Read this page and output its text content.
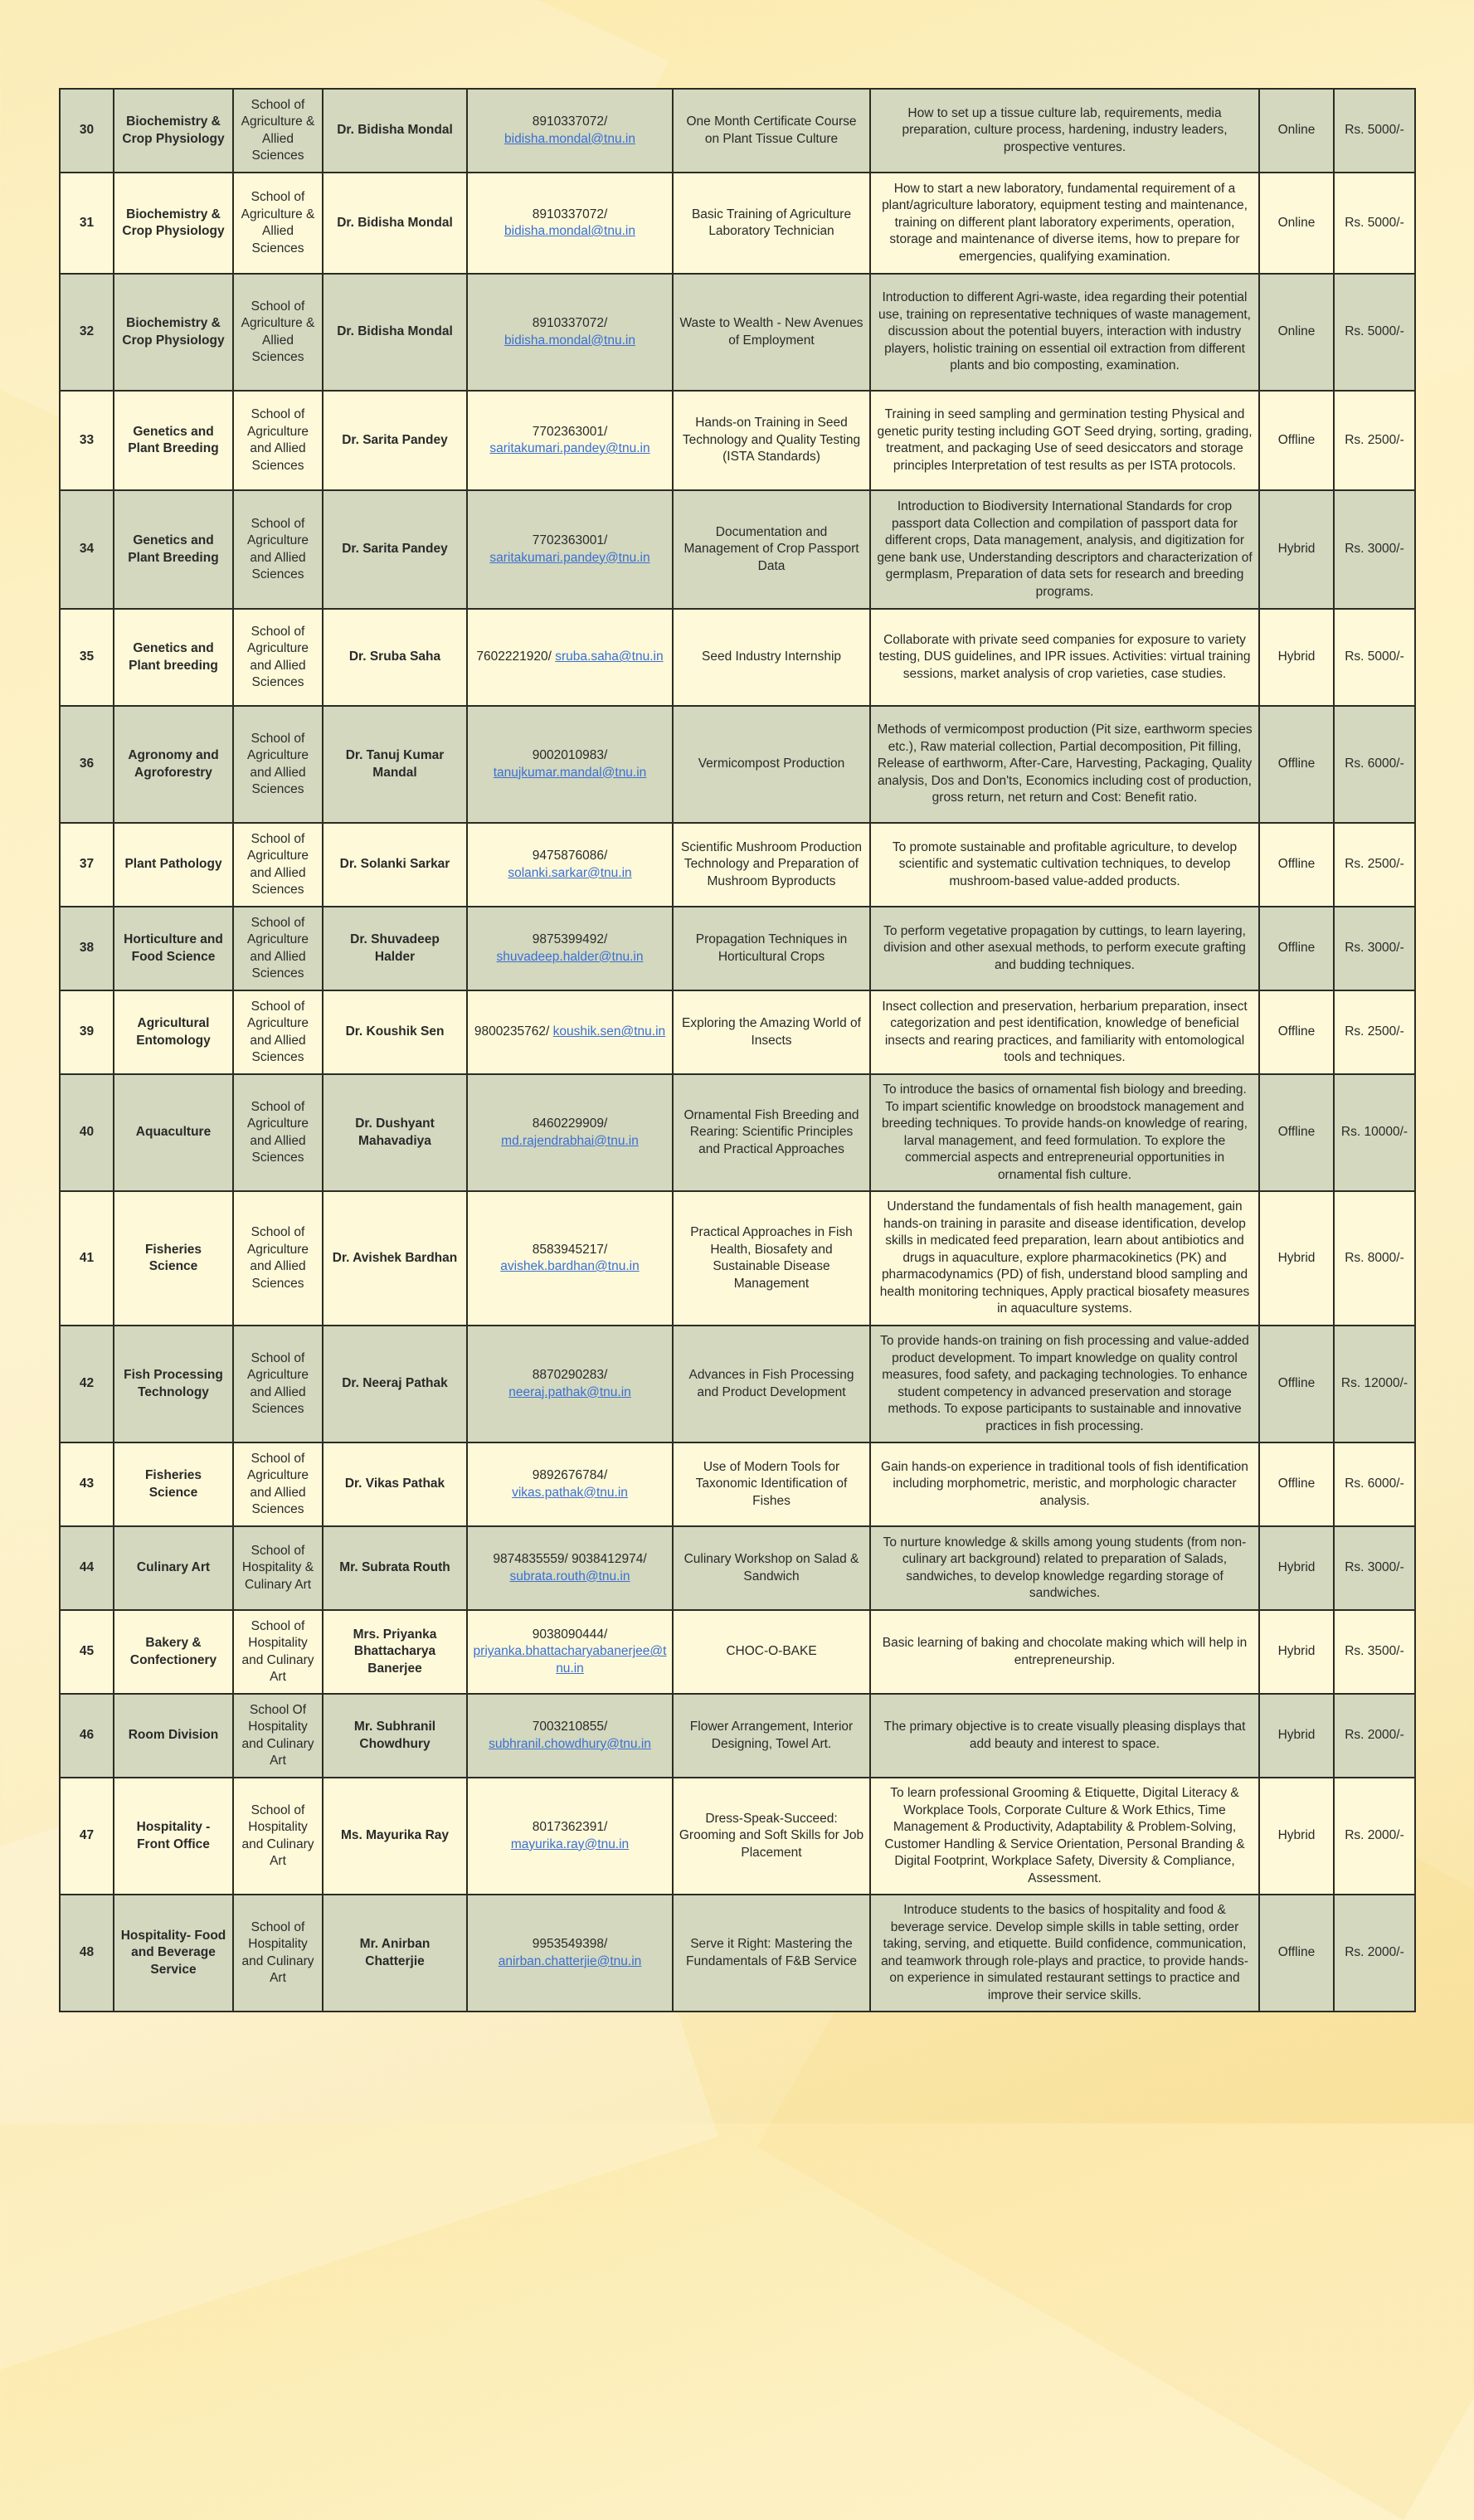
30	Biochemistry & Crop Physiology	School of Agriculture & Allied Sciences	Dr. Bidisha Mondal	8910337072/ bidisha.mondal@tnu.in	One Month Certificate Course on Plant Tissue Culture	How to set up a tissue culture lab, requirements, media preparation, culture process, hardening, industry leaders, prospective ventures.	Online	Rs. 5000/-
31	Biochemistry & Crop Physiology	School of Agriculture & Allied Sciences	Dr. Bidisha Mondal	8910337072/ bidisha.mondal@tnu.in	Basic Training of Agriculture Laboratory Technician	How to start a new laboratory, fundamental requirement of a plant/agriculture laboratory, equipment testing and maintenance, training on different plant laboratory experiments, operation, storage and maintenance of diverse items, how to prepare for emergencies, qualifying examination.	Online	Rs. 5000/-
32	Biochemistry & Crop Physiology	School of Agriculture & Allied Sciences	Dr. Bidisha Mondal	8910337072/ bidisha.mondal@tnu.in	Waste to Wealth - New Avenues of Employment	Introduction to different Agri-waste, idea regarding their potential use, training on representative techniques of waste management, discussion about the potential buyers, interaction with industry players, holistic training on essential oil extraction from different plants and bio composting, examination.	Online	Rs. 5000/-
33	Genetics and Plant Breeding	School of Agriculture and Allied Sciences	Dr. Sarita Pandey	7702363001/ saritakumari.pandey@tnu.in	Hands-on Training in Seed Technology and Quality Testing (ISTA Standards)	Training in seed sampling and germination testing Physical and genetic purity testing including GOT Seed drying, sorting, grading, treatment, and packaging Use of seed desiccators and storage principles Interpretation of test results as per ISTA protocols.	Offline	Rs. 2500/-
34	Genetics and Plant Breeding	School of Agriculture and Allied Sciences	Dr. Sarita Pandey	7702363001/ saritakumari.pandey@tnu.in	Documentation and Management of Crop Passport Data	Introduction to Biodiversity International Standards for crop passport data Collection and compilation of passport data for different crops, Data management, analysis, and digitization for gene bank use, Understanding descriptors and characterization of germplasm, Preparation of data sets for research and breeding programs.	Hybrid	Rs. 3000/-
35	Genetics and Plant breeding	School of Agriculture and Allied Sciences	Dr. Sruba Saha	7602221920/ sruba.saha@tnu.in	Seed Industry Internship	Collaborate with private seed companies for exposure to variety testing, DUS guidelines, and IPR issues. Activities: virtual training sessions, market analysis of crop varieties, case studies.	Hybrid	Rs. 5000/-
36	Agronomy and Agroforestry	School of Agriculture and Allied Sciences	Dr. Tanuj Kumar Mandal	9002010983/ tanujkumar.mandal@tnu.in	Vermicompost Production	Methods of vermicompost production (Pit size, earthworm species etc.), Raw material collection, Partial decomposition, Pit filling, Release of earthworm, After-Care, Harvesting, Packaging, Quality analysis, Dos and Don'ts, Economics including cost of production, gross return, net return and Cost: Benefit ratio.	Offline	Rs. 6000/-
37	Plant Pathology	School of Agriculture and Allied Sciences	Dr. Solanki Sarkar	9475876086/ solanki.sarkar@tnu.in	Scientific Mushroom Production Technology and Preparation of Mushroom Byproducts	To promote sustainable and profitable agriculture, to develop scientific and systematic cultivation techniques, to develop mushroom-based value-added products.	Offline	Rs. 2500/-
38	Horticulture and Food Science	School of Agriculture and Allied Sciences	Dr. Shuvadeep Halder	9875399492/ shuvadeep.halder@tnu.in	Propagation Techniques in Horticultural Crops	To perform vegetative propagation by cuttings, to learn layering, division and other asexual methods, to perform execute grafting and budding techniques.	Offline	Rs. 3000/-
39	Agricultural Entomology	School of Agriculture and Allied Sciences	Dr. Koushik Sen	9800235762/ koushik.sen@tnu.in	Exploring the Amazing World of Insects	Insect collection and preservation, herbarium preparation, insect categorization and pest identification, knowledge of beneficial insects and rearing practices, and familiarity with entomological tools and techniques.	Offline	Rs. 2500/-
40	Aquaculture	School of Agriculture and Allied Sciences	Dr. Dushyant Mahavadiya	8460229909/ md.rajendrabhai@tnu.in	Ornamental Fish Breeding and Rearing: Scientific Principles and Practical Approaches	To introduce the basics of ornamental fish biology and breeding. To impart scientific knowledge on broodstock management and breeding techniques. To provide hands-on knowledge of rearing, larval management, and feed formulation. To explore the commercial aspects and entrepreneurial opportunities in ornamental fish culture.	Offline	Rs. 10000/-
41	Fisheries Science	School of Agriculture and Allied Sciences	Dr. Avishek Bardhan	8583945217/ avishek.bardhan@tnu.in	Practical Approaches in Fish Health, Biosafety and Sustainable Disease Management	Understand the fundamentals of fish health management, gain hands-on training in parasite and disease identification, develop skills in medicated feed preparation, learn about antibiotics and drugs in aquaculture, explore pharmacokinetics (PK) and pharmacodynamics (PD) of fish, understand blood sampling and health monitoring techniques, Apply practical biosafety measures in aquaculture systems.	Hybrid	Rs. 8000/-
42	Fish Processing Technology	School of Agriculture and Allied Sciences	Dr. Neeraj Pathak	8870290283/ neeraj.pathak@tnu.in	Advances in Fish Processing and Product Development	To provide hands-on training on fish processing and value-added product development. To impart knowledge on quality control measures, food safety, and packaging technologies. To enhance student competency in advanced preservation and storage methods. To expose participants to sustainable and innovative practices in fish processing.	Offline	Rs. 12000/-
43	Fisheries Science	School of Agriculture and Allied Sciences	Dr. Vikas Pathak	9892676784/ vikas.pathak@tnu.in	Use of Modern Tools for Taxonomic Identification of Fishes	Gain hands-on experience in traditional tools of fish identification including morphometric, meristic, and morphologic character analysis.	Offline	Rs. 6000/-
44	Culinary Art	School of Hospitality & Culinary Art	Mr. Subrata Routh	9874835559/ 9038412974/ subrata.routh@tnu.in	Culinary Workshop on Salad & Sandwich	To nurture knowledge & skills among young students (from non-culinary art background) related to preparation of Salads, sandwiches, to develop knowledge regarding storage of sandwiches.	Hybrid	Rs. 3000/-
45	Bakery & Confectionery	School of Hospitality and Culinary Art	Mrs. Priyanka Bhattacharya Banerjee	9038090444/ priyanka.bhattacharyabanerjee@tnu.in	CHOC-O-BAKE	Basic learning of baking and chocolate making which will help in entrepreneurship.	Hybrid	Rs. 3500/-
46	Room Division	School Of Hospitality and Culinary Art	Mr. Subhranil Chowdhury	7003210855/ subhranil.chowdhury@tnu.in	Flower Arrangement, Interior Designing, Towel Art.	The primary objective is to create visually pleasing displays that add beauty and interest to space.	Hybrid	Rs. 2000/-
47	Hospitality - Front Office	School of Hospitality and Culinary Art	Ms. Mayurika Ray	8017362391/ mayurika.ray@tnu.in	Dress-Speak-Succeed: Grooming and Soft Skills for Job Placement	To learn professional Grooming & Etiquette, Digital Literacy & Workplace Tools, Corporate Culture & Work Ethics, Time Management & Productivity, Adaptability & Problem-Solving, Customer Handling & Service Orientation, Personal Branding & Digital Footprint, Workplace Safety, Diversity & Compliance, Assessment.	Hybrid	Rs. 2000/-
48	Hospitality- Food and Beverage Service	School of Hospitality and Culinary Art	Mr. Anirban Chatterjie	9953549398/ anirban.chatterjie@tnu.in	Serve it Right: Mastering the Fundamentals of F&B Service	Introduce students to the basics of hospitality and food & beverage service. Develop simple skills in table setting, order taking, serving, and etiquette. Build confidence, communication, and teamwork through role-plays and practice, to provide hands-on experience in simulated restaurant settings to practice and improve their service skills.	Offline	Rs. 2000/-
